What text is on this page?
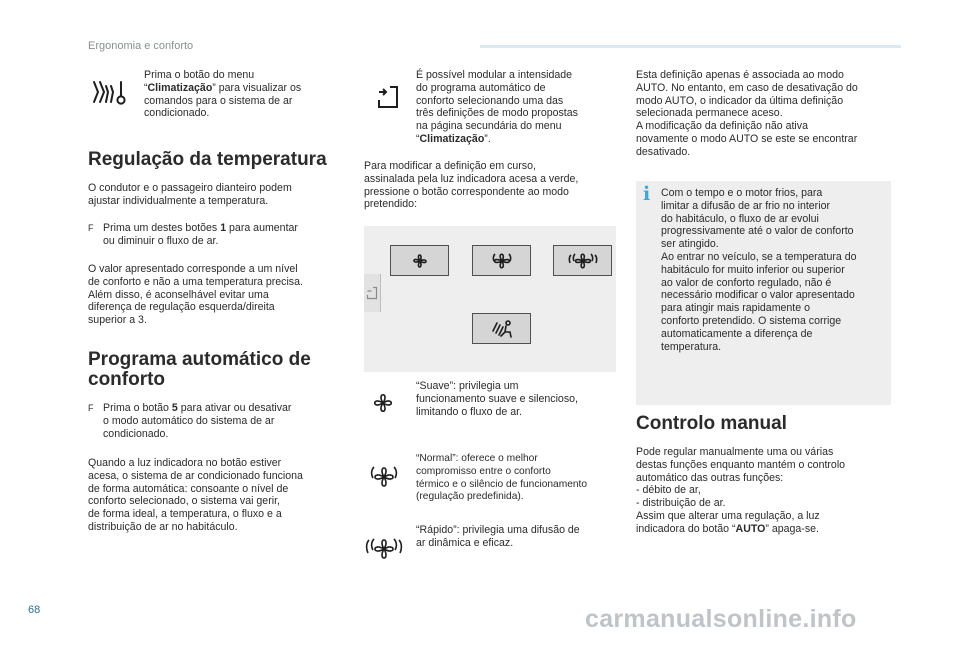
Ergonomia e conforto
68	carmanualsonline.info

Prima o botão do menu

“Climatização” para visualizar os

comandos para o sistema de ar

condicionado.

Regulação da temperatura

O condutor e o passageiro dianteiro podem

ajustar individualmente a temperatura.

F Prima um destes botões 1 para aumentar

ou diminuir o fluxo de ar.

O valor apresentado corresponde a um nível

de conforto e não a uma temperatura precisa.

Além disso, é aconselhável evitar uma

diferença de regulação esquerda/direita

superior a 3.

Programa automático de
conforto
F Prima o botão 5 para ativar ou desativar

o modo automático do sistema de ar

condicionado.

Quando a luz indicadora no botão estiver

acesa, o sistema de ar condicionado funciona

de forma automática: consoante o nível de

conforto selecionado, o sistema vai gerir,

de forma ideal, a temperatura, o fluxo e a

distribuição de ar no habitáculo.

É possível modular a intensidade

do programa automático de

conforto selecionando uma das

três definições de modo propostas

na página secundária do menu

“Climatização”.

Para modificar a definição em curso,

assinalada pela luz indicadora acesa a verde,

pressione o botão correspondente ao modo

pretendido:

“Suave”: privilegia um

funcionamento suave e silencioso,

limitando o fluxo de ar.

“Normal”: oferece o melhor

compromisso entre o conforto

térmico e o silêncio de funcionamento

(regulação predefinida).

“Rápido”: privilegia uma difusão de

ar dinâmica e eficaz.

Esta definição apenas é associada ao modo

AUTO. No entanto, em caso de desativação do

modo AUTO, o indicador da última definição

selecionada permanece aceso.

A modificação da definição não ativa

novamente o modo AUTO se este se encontrar

desativado.

i Com o tempo e o motor frios, para

limitar a difusão de ar frio no interior

do habitáculo, o fluxo de ar evolui

progressivamente até o valor de conforto

ser atingido.

Ao entrar no veículo, se a temperatura do

habitáculo for muito inferior ou superior

ao valor de conforto regulado, não é

necessário modificar o valor apresentado

para atingir mais rapidamente o

conforto pretendido. O sistema corrige

automaticamente a diferença de

temperatura.

Controlo manual

Pode regular manualmente uma ou várias

destas funções enquanto mantém o controlo

automático das outras funções:

- débito de ar,

- distribuição de ar.

Assim que alterar uma regulação, a luz

indicadora do botão “AUTO” apaga-se.
